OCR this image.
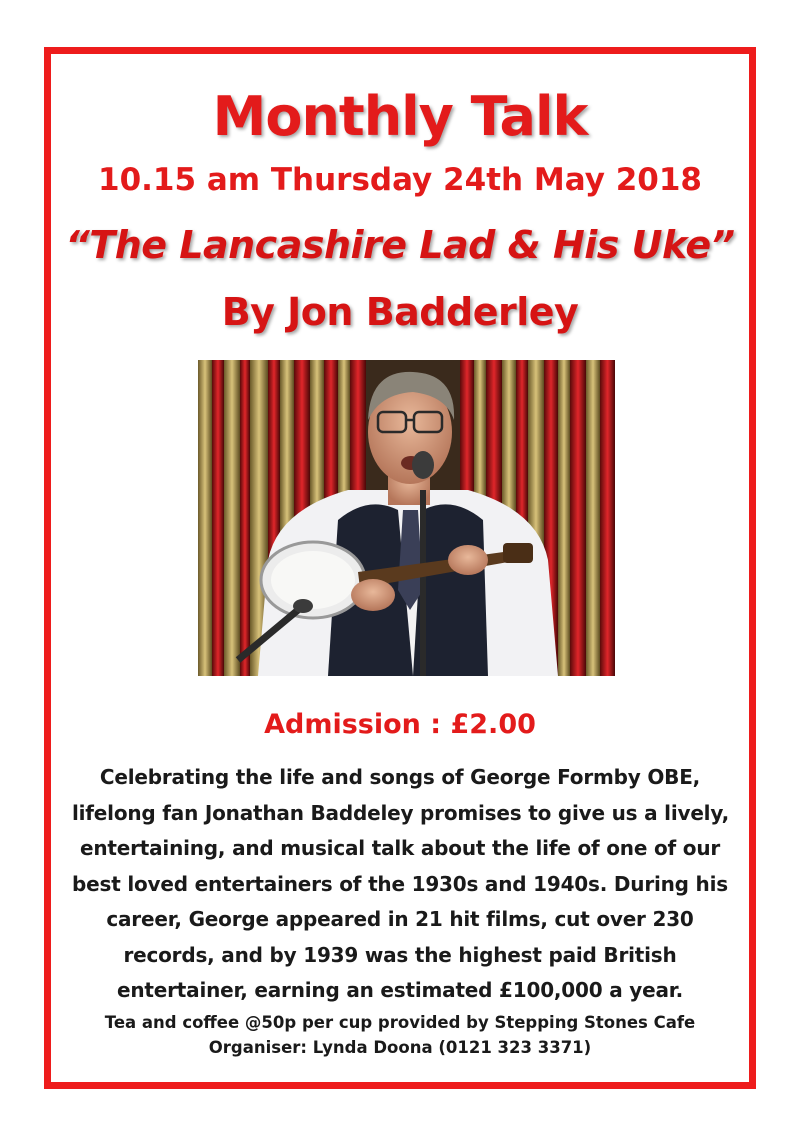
Monthly Talk
10.15 am Thursday 24th May 2018
“The Lancashire Lad & His Uke”
By Jon Badderley
Admission : £2.00
Celebrating the life and songs of George Formby OBE,
lifelong fan Jonathan Baddeley promises to give us a lively,
entertaining, and musical talk about the life of one of our
best loved entertainers of the 1930s and 1940s. During his
career, George appeared in 21 hit films, cut over 230
records, and by 1939 was the highest paid British
entertainer, earning an estimated £100,000 a year.
Tea and coffee @50p per cup provided by Stepping Stones Cafe
Organiser: Lynda Doona (0121 323 3371)
